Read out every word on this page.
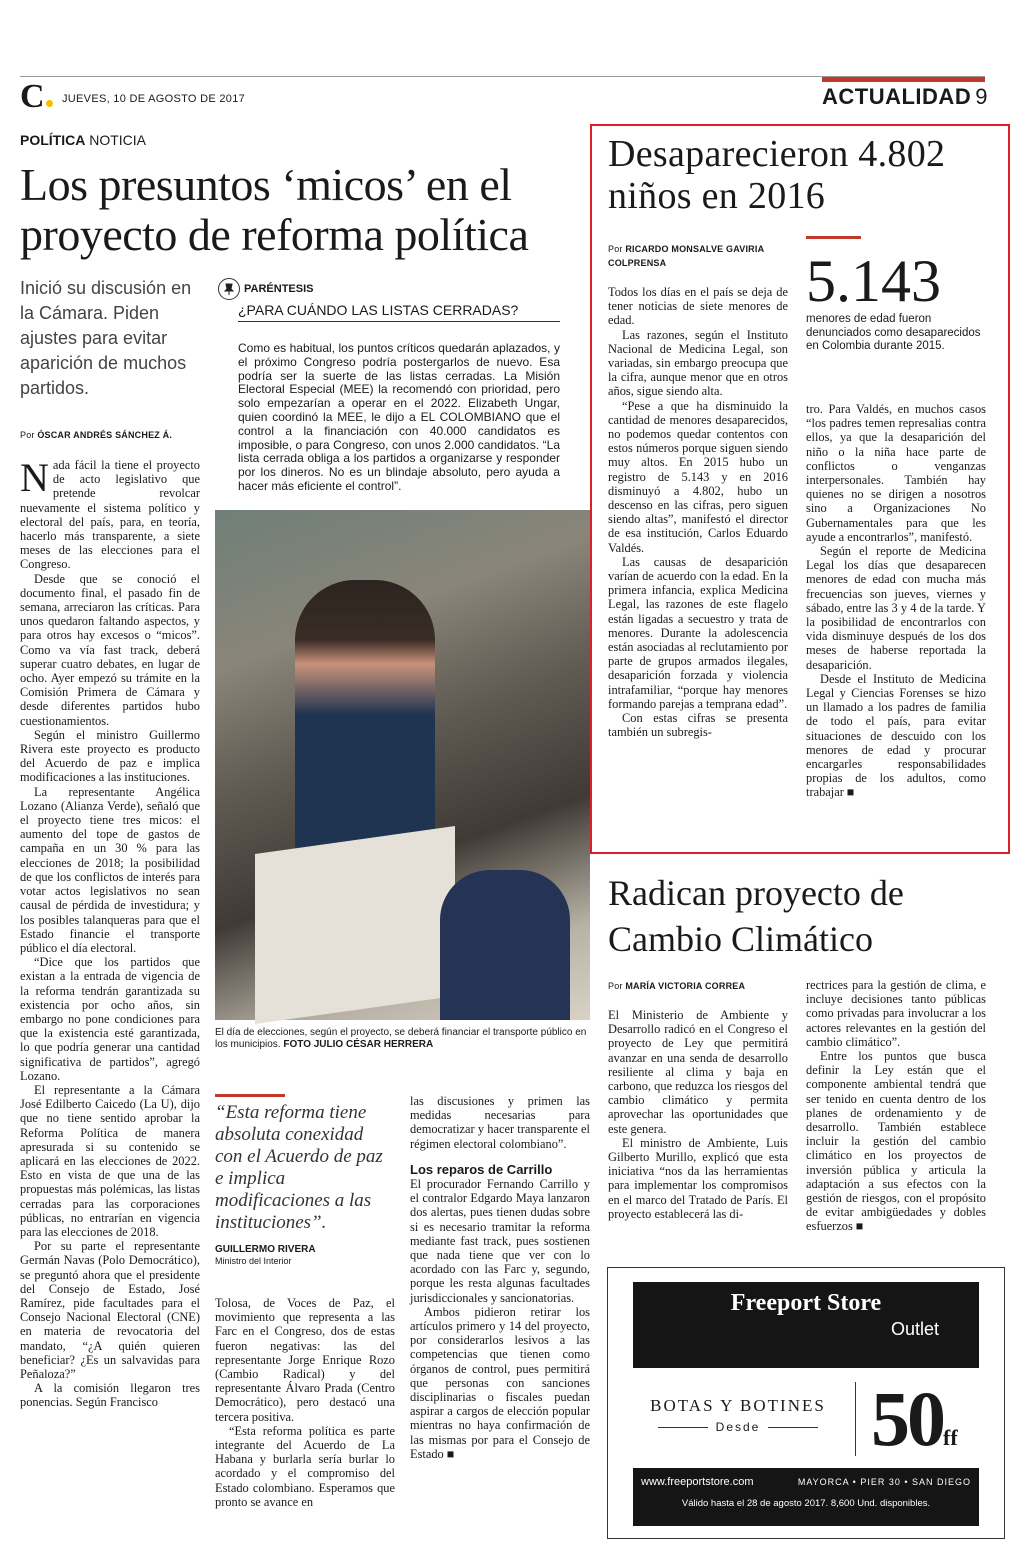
C	JUEVES, 10 DE AGOSTO DE 2017	ACTUALIDAD 9
POLÍTICA NOTICIA
Los presuntos ‘micos’ en el proyecto de reforma política
Inició su discusión en la Cámara. Piden ajustes para evitar aparición de muchos partidos.
Por ÓSCAR ANDRÉS SÁNCHEZ Á.

Nada fácil la tiene el proyecto de acto legislativo que pretende revolcar nuevamente el sistema político y electoral del país, para, en teoría, hacerlo más transparente, a siete meses de las elecciones para el Congreso.

Desde que se conoció el documento final, el pasado fin de semana, arreciaron las críticas. Para unos quedaron faltando aspectos, y para otros hay excesos o “micos”. Como va vía fast track, deberá superar cuatro debates, en lugar de ocho. Ayer empezó su trámite en la Comisión Primera de Cámara y desde diferentes partidos hubo cuestionamientos.

Según el ministro Guillermo Rivera este proyecto es producto del Acuerdo de paz e implica modificaciones a las instituciones.

La representante Angélica Lozano (Alianza Verde), señaló que el proyecto tiene tres micos: el aumento del tope de gastos de campaña en un 30 % para las elecciones de 2018; la posibilidad de que los conflictos de interés para votar actos legislativos no sean causal de pérdida de investidura; y los posibles talanqueras para que el Estado financie el transporte público el día electoral.

“Dice que los partidos que existan a la entrada de vigencia de la reforma tendrán garantizada su existencia por ocho años, sin embargo no pone condiciones para que la existencia esté garantizada, lo que podría generar una cantidad significativa de partidos”, agregó Lozano.

El representante a la Cámara José Edilberto Caicedo (La U), dijo que no tiene sentido aprobar la Reforma Política de manera apresurada si su contenido se aplicará en las elecciones de 2022. Esto en vista de que una de las propuestas más polémicas, las listas cerradas para las corporaciones públicas, no entrarían en vigencia para las elecciones de 2018.

Por su parte el representante Germán Navas (Polo Democrático), se preguntó ahora que el presidente del Consejo de Estado, José Ramírez, pide facultades para el Consejo Nacional Electoral (CNE) en materia de revocatoria del mandato, “¿A quién quieren beneficiar? ¿Es un salvavidas para Peñaloza?”

A la comisión llegaron tres ponencias. Según Francisco

PARÉNTESIS
¿PARA CUÁNDO LAS LISTAS CERRADAS?
Como es habitual, los puntos críticos quedarán aplazados, y el próximo Congreso podría postergarlos de nuevo. Esa podría ser la suerte de las listas cerradas. La Misión Electoral Especial (MEE) la recomendó con prioridad, pero solo empezarían a operar en el 2022. Elizabeth Ungar, quien coordinó la MEE, le dijo a EL COLOMBIANO que el control a la financiación con 40.000 candidatos es imposible, o para Congreso, con unos 2.000 candidatos. “La lista cerrada obliga a los partidos a organizarse y responder por los dineros. No es un blindaje absoluto, pero ayuda a hacer más eficiente el control”.
El día de elecciones, según el proyecto, se deberá financiar el transporte público en los municipios. FOTO JULIO CÉSAR HERRERA
“Esta reforma tiene absoluta conexidad con el Acuerdo de paz e implica modificaciones a las instituciones”.
GUILLERMO RIVERA
Ministro del Interior

Tolosa, de Voces de Paz, el movimiento que representa a las Farc en el Congreso, dos de estas fueron negativas: las del representante Jorge Enrique Rozo (Cambio Radical) y del representante Álvaro Prada (Centro Democrático), pero destacó una tercera positiva.

“Esta reforma política es parte integrante del Acuerdo de La Habana y burlarla sería burlar lo acordado y el compromiso del Estado colombiano. Esperamos que pronto se avance en

las discusiones y primen las medidas necesarias para democratizar y hacer transparente el régimen electoral colombiano”.

Los reparos de Carrillo

El procurador Fernando Carrillo y el contralor Edgardo Maya lanzaron dos alertas, pues tienen dudas sobre si es necesario tramitar la reforma mediante fast track, pues sostienen que nada tiene que ver con lo acordado con las Farc y, segundo, porque les resta algunas facultades jurisdiccionales y sancionatorias.

Ambos pidieron retirar los artículos primero y 14 del proyecto, por considerarlos lesivos a las competencias que tienen como órganos de control, pues permitirá que personas con sanciones disciplinarias o fiscales puedan aspirar a cargos de elección popular mientras no haya confirmación de las mismas por para el Consejo de Estado ■

Desaparecieron 4.802 niños en 2016
Por RICARDO MONSALVE GAVIRIA
COLPRENSA	5.143
menores de edad fueron denunciados como desaparecidos en Colombia durante 2015.

Todos los días en el país se deja de tener noticias de siete menores de edad.

Las razones, según el Instituto Nacional de Medicina Legal, son variadas, sin embargo preocupa que la cifra, aunque menor que en otros años, sigue siendo alta.

“Pese a que ha disminuido la cantidad de menores desaparecidos, no podemos quedar contentos con estos números porque siguen siendo muy altos. En 2015 hubo un registro de 5.143 y en 2016 disminuyó a 4.802, hubo un descenso en las cifras, pero siguen siendo altas”, manifestó el director de esa institución, Carlos Eduardo Valdés.

Las causas de desaparición varían de acuerdo con la edad. En la primera infancia, explica Medicina Legal, las razones de este flagelo están ligadas a secuestro y trata de menores. Durante la adolescencia están asociadas al reclutamiento por parte de grupos armados ilegales, desaparición forzada y violencia intrafamiliar, “porque hay menores formando parejas a temprana edad”.

Con estas cifras se presenta también un subregis-

tro. Para Valdés, en muchos casos “los padres temen represalias contra ellos, ya que la desaparición del niño o la niña hace parte de conflictos o venganzas interpersonales. También hay quienes no se dirigen a nosotros sino a Organizaciones No Gubernamentales para que les ayude a encontrarlos”, manifestó.

Según el reporte de Medicina Legal los días que desaparecen menores de edad con mucha más frecuencias son jueves, viernes y sábado, entre las 3 y 4 de la tarde. Y la posibilidad de encontrarlos con vida disminuye después de los dos meses de haberse reportada la desaparición.

Desde el Instituto de Medicina Legal y Ciencias Forenses se hizo un llamado a los padres de familia de todo el país, para evitar situaciones de descuido con los menores de edad y procurar encargarles responsabilidades propias de los adultos, como trabajar ■

Radican proyecto de Cambio Climático
Por MARÍA VICTORIA CORREA

El Ministerio de Ambiente y Desarrollo radicó en el Congreso el proyecto de Ley que permitirá avanzar en una senda de desarrollo resiliente al clima y baja en carbono, que reduzca los riesgos del cambio climático y permita aprovechar las oportunidades que este genera.

El ministro de Ambiente, Luis Gilberto Murillo, explicó que esta iniciativa “nos da las herramientas para implementar los compromisos en el marco del Tratado de París. El proyecto establecerá las di-

rectrices para la gestión de clima, e incluye decisiones tanto públicas como privadas para involucrar a los actores relevantes en la gestión del cambio climático”.

Entre los puntos que busca definir la Ley están que el componente ambiental tendrá que ser tenido en cuenta dentro de los planes de ordenamiento y de desarrollo. También establece incluir la gestión del cambio climático en los proyectos de inversión pública y articula la adaptación a sus efectos con la gestión de riesgos, con el propósito de evitar ambigüedades y dobles esfuerzos ■

Freeport Store
Outlet
BOTAS Y BOTINES
Desde	50ff
www.freeportstore.com	MAYORCA • PIER 30 • SAN DIEGO
Válido hasta el 28 de agosto 2017. 8,600 Und. disponibles.
